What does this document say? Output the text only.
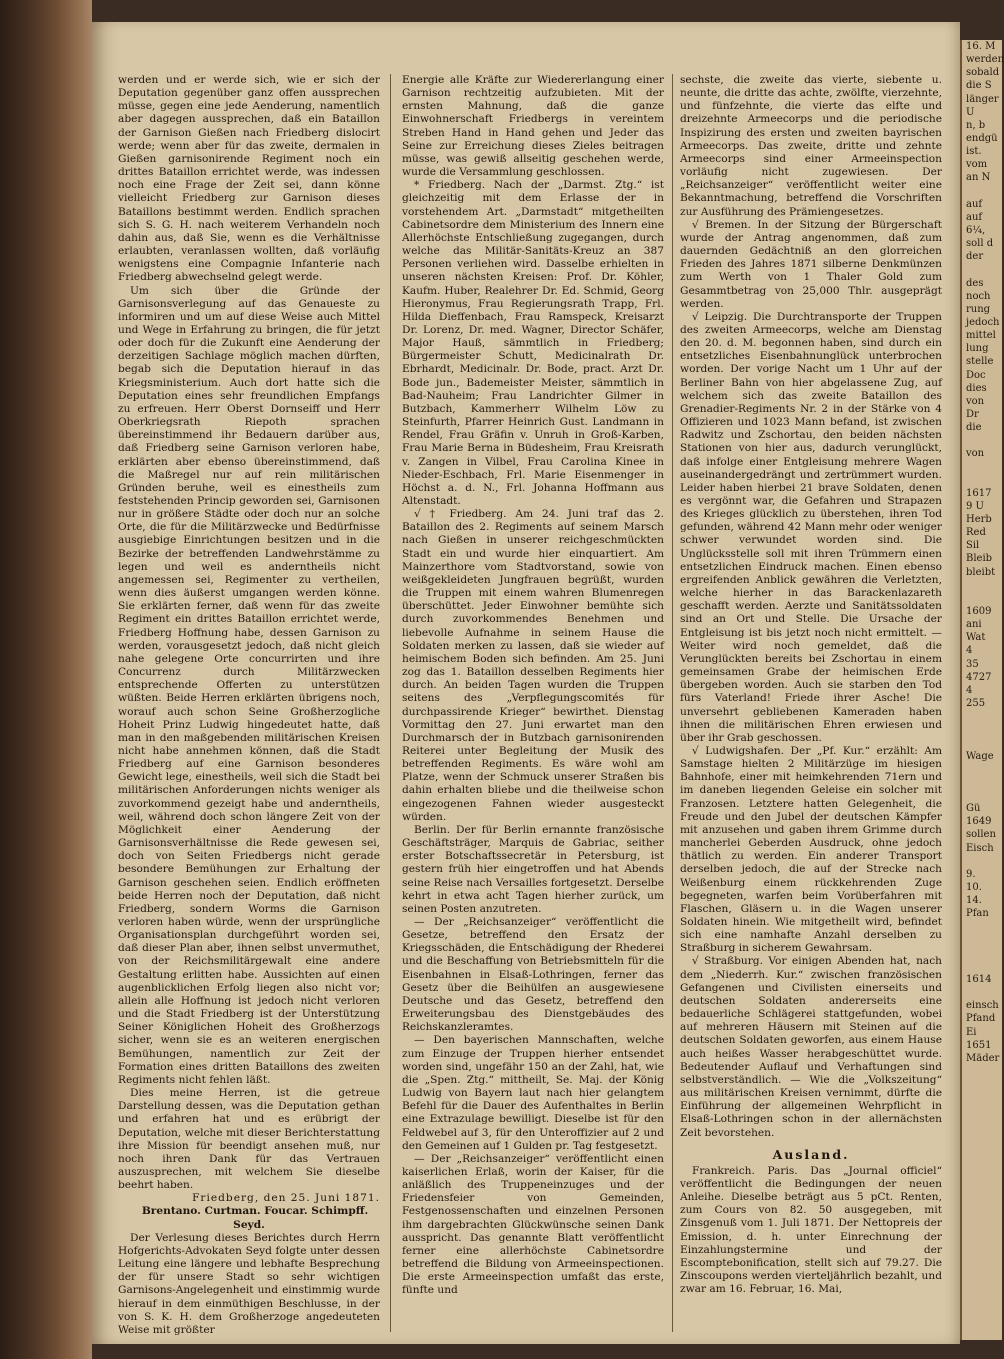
werden und er werde sich, wie er sich der Deputation gegenüber ganz offen aussprechen müsse, gegen eine jede Aenderung, namentlich aber dagegen aussprechen, daß ein Bataillon der Garnison Gießen nach Friedberg dislocirt werde; wenn aber für das zweite, dermalen in Gießen garnisonirende Regiment noch ein drittes Bataillon errichtet werde, was indessen noch eine Frage der Zeit sei, dann könne vielleicht Friedberg zur Garnison dieses Bataillons bestimmt werden. Endlich sprachen sich S. G. H. nach weiterem Verhandeln noch dahin aus, daß Sie, wenn es die Verhältnisse erlaubten, veranlassen wollten, daß vorläufig wenigstens eine Compagnie Infanterie nach Friedberg abwechselnd gelegt werde.

Um sich über die Gründe der Garnisonsverlegung auf das Genaueste zu informiren und um auf diese Weise auch Mittel und Wege in Erfahrung zu bringen, die für jetzt oder doch für die Zukunft eine Aenderung der derzeitigen Sachlage möglich machen dürften, begab sich die Deputation hierauf in das Kriegsministerium. Auch dort hatte sich die Deputation eines sehr freundlichen Empfangs zu erfreuen. Herr Oberst Dornseiff und Herr Oberkriegsrath Riepoth sprachen übereinstimmend ihr Bedauern darüber aus, daß Friedberg seine Garnison verloren habe, erklärten aber ebenso übereinstimmend, daß die Maßregel nur auf rein militärischen Gründen beruhe, weil es einestheils zum feststehenden Princip geworden sei, Garnisonen nur in größere Städte oder doch nur an solche Orte, die für die Militärzwecke und Bedürfnisse ausgiebige Einrichtungen besitzen und in die Bezirke der betreffenden Landwehrstämme zu legen und weil es anderntheils nicht angemessen sei, Regimenter zu vertheilen, wenn dies äußerst umgangen werden könne. Sie erklärten ferner, daß wenn für das zweite Regiment ein drittes Bataillon errichtet werde, Friedberg Hoffnung habe, dessen Garnison zu werden, vorausgesetzt jedoch, daß nicht gleich nahe gelegene Orte concurrirten und ihre Concurrenz durch Militärzwecken entsprechende Offerten zu unterstützen wüßten. Beide Herren erklärten übrigens noch, worauf auch schon Seine Großherzogliche Hoheit Prinz Ludwig hingedeutet hatte, daß man in den maßgebenden militärischen Kreisen nicht habe annehmen können, daß die Stadt Friedberg auf eine Garnison besonderes Gewicht lege, einestheils, weil sich die Stadt bei militärischen Anforderungen nichts weniger als zuvorkommend gezeigt habe und anderntheils, weil, während doch schon längere Zeit von der Möglichkeit einer Aenderung der Garnisonsverhältnisse die Rede gewesen sei, doch von Seiten Friedbergs nicht gerade besondere Bemühungen zur Erhaltung der Garnison geschehen seien. Endlich eröffneten beide Herren noch der Deputation, daß nicht Friedberg, sondern Worms die Garnison verloren haben würde, wenn der ursprüngliche Organisationsplan durchgeführt worden sei, daß dieser Plan aber, ihnen selbst unvermuthet, von der Reichsmilitärgewalt eine andere Gestaltung erlitten habe. Aussichten auf einen augenblicklichen Erfolg liegen also nicht vor; allein alle Hoffnung ist jedoch nicht verloren und die Stadt Friedberg ist der Unterstützung Seiner Königlichen Hoheit des Großherzogs sicher, wenn sie es an weiteren energischen Bemühungen, namentlich zur Zeit der Formation eines dritten Bataillons des zweiten Regiments nicht fehlen läßt.

Dies meine Herren, ist die getreue Darstellung dessen, was die Deputation gethan und erfahren hat und es erübrigt der Deputation, welche mit dieser Berichterstattung ihre Mission für beendigt ansehen muß, nur noch ihren Dank für das Vertrauen auszusprechen, mit welchem Sie dieselbe beehrt haben.

Friedberg, den 25. Juni 1871.

Brentano. Curtman. Foucar. Schimpff. Seyd.

Der Verlesung dieses Berichtes durch Herrn Hofgerichts-Advokaten Seyd folgte unter dessen Leitung eine längere und lebhafte Besprechung der für unsere Stadt so sehr wichtigen Garnisons-Angelegenheit und einstimmig wurde hierauf in dem einmüthigen Beschlusse, in der von S. K. H. dem Großherzoge angedeuteten Weise mit größter

Energie alle Kräfte zur Wiedererlangung einer Garnison rechtzeitig aufzubieten. Mit der ernsten Mahnung, daß die ganze Einwohnerschaft Friedbergs in vereintem Streben Hand in Hand gehen und Jeder das Seine zur Erreichung dieses Zieles beitragen müsse, was gewiß allseitig geschehen werde, wurde die Versammlung geschlossen.

* Friedberg. Nach der „Darmst. Ztg.“ ist gleichzeitig mit dem Erlasse der in vorstehendem Art. „Darmstadt“ mitgetheilten Cabinetsordre dem Ministerium des Innern eine Allerhöchste Entschließung zugegangen, durch welche das Militär-Sanitäts-Kreuz an 387 Personen verliehen wird. Dasselbe erhielten in unseren nächsten Kreisen: Prof. Dr. Köhler, Kaufm. Huber, Realehrer Dr. Ed. Schmid, Georg Hieronymus, Frau Regierungsrath Trapp, Frl. Hilda Dieffenbach, Frau Ramspeck, Kreisarzt Dr. Lorenz, Dr. med. Wagner, Director Schäfer, Major Hauß, sämmtlich in Friedberg; Bürgermeister Schutt, Medicinalrath Dr. Ebrhardt, Medicinalr. Dr. Bode, pract. Arzt Dr. Bode jun., Bademeister Meister, sämmtlich in Bad-Nauheim; Frau Landrichter Gilmer in Butzbach, Kammerherr Wilhelm Löw zu Steinfurth, Pfarrer Heinrich Gust. Landmann in Rendel, Frau Gräfin v. Unruh in Groß-Karben, Frau Marie Berna in Büdesheim, Frau Kreisrath v. Zangen in Vilbel, Frau Carolina Kinee in Nieder-Eschbach, Frl. Marie Eisenmenger in Höchst a. d. N., Frl. Johanna Hoffmann aus Altenstadt.

√ † Friedberg. Am 24. Juni traf das 2. Bataillon des 2. Regiments auf seinem Marsch nach Gießen in unserer reichgeschmückten Stadt ein und wurde hier einquartiert. Am Mainzerthore vom Stadtvorstand, sowie von weißgekleideten Jungfrauen begrüßt, wurden die Truppen mit einem wahren Blumenregen überschüttet. Jeder Einwohner bemühte sich durch zuvorkommendes Benehmen und liebevolle Aufnahme in seinem Hause die Soldaten merken zu lassen, daß sie wieder auf heimischem Boden sich befinden. Am 25. Juni zog das 1. Bataillon desselben Regiments hier durch. An beiden Tagen wurden die Truppen seitens des „Verpflegungscomités für durchpassirende Krieger“ bewirthet. Dienstag Vormittag den 27. Juni erwartet man den Durchmarsch der in Butzbach garnisonirenden Reiterei unter Begleitung der Musik des betreffenden Regiments. Es wäre wohl am Platze, wenn der Schmuck unserer Straßen bis dahin erhalten bliebe und die theilweise schon eingezogenen Fahnen wieder ausgesteckt würden.

Berlin. Der für Berlin ernannte französische Geschäftsträger, Marquis de Gabriac, seither erster Botschaftssecretär in Petersburg, ist gestern früh hier eingetroffen und hat Abends seine Reise nach Versailles fortgesetzt. Derselbe kehrt in etwa acht Tagen hierher zurück, um seinen Posten anzutreten.

— Der „Reichsanzeiger“ veröffentlicht die Gesetze, betreffend den Ersatz der Kriegsschäden, die Entschädigung der Rhederei und die Beschaffung von Betriebsmitteln für die Eisenbahnen in Elsaß-Lothringen, ferner das Gesetz über die Beihülfen an ausgewiesene Deutsche und das Gesetz, betreffend den Erweiterungsbau des Dienstgebäudes des Reichskanzleramtes.

— Den bayerischen Mannschaften, welche zum Einzuge der Truppen hierher entsendet worden sind, ungefähr 150 an der Zahl, hat, wie die „Spen. Ztg.“ mittheilt, Se. Maj. der König Ludwig von Bayern laut nach hier gelangtem Befehl für die Dauer des Aufenthaltes in Berlin eine Extrazulage bewilligt. Dieselbe ist für den Feldwebel auf 3, für den Unteroffizier auf 2 und den Gemeinen auf 1 Gulden pr. Tag festgesetzt.

— Der „Reichsanzeiger“ veröffentlicht einen kaiserlichen Erlaß, worin der Kaiser, für die anläßlich des Truppeneinzuges und der Friedensfeier von Gemeinden, Festgenossenschaften und einzelnen Personen ihm dargebrachten Glückwünsche seinen Dank ausspricht. Das genannte Blatt veröffentlicht ferner eine allerhöchste Cabinetsordre betreffend die Bildung von Armeeinspectionen. Die erste Armeeinspection umfaßt das erste, fünfte und

sechste, die zweite das vierte, siebente u. neunte, die dritte das achte, zwölfte, vierzehnte, und fünfzehnte, die vierte das elfte und dreizehnte Armeecorps und die periodische Inspizirung des ersten und zweiten bayrischen Armeecorps. Das zweite, dritte und zehnte Armeecorps sind einer Armeeinspection vorläufig nicht zugewiesen. Der „Reichsanzeiger“ veröffentlicht weiter eine Bekanntmachung, betreffend die Vorschriften zur Ausführung des Prämiengesetzes.

√ Bremen. In der Sitzung der Bürgerschaft wurde der Antrag angenommen, daß zum dauernden Gedächtniß an den glorreichen Frieden des Jahres 1871 silberne Denkmünzen zum Werth von 1 Thaler Gold zum Gesammtbetrag von 25,000 Thlr. ausgeprägt werden.

√ Leipzig. Die Durchtransporte der Truppen des zweiten Armeecorps, welche am Dienstag den 20. d. M. begonnen haben, sind durch ein entsetzliches Eisenbahnunglück unterbrochen worden. Der vorige Nacht um 1 Uhr auf der Berliner Bahn von hier abgelassene Zug, auf welchem sich das zweite Bataillon des Grenadier-Regiments Nr. 2 in der Stärke von 4 Offizieren und 1023 Mann befand, ist zwischen Radwitz und Zschortau, den beiden nächsten Stationen von hier aus, dadurch verunglückt, daß infolge einer Entgleisung mehrere Wagen auseinandergedrängt und zertrümmert wurden. Leider haben hierbei 21 brave Soldaten, denen es vergönnt war, die Gefahren und Strapazen des Krieges glücklich zu überstehen, ihren Tod gefunden, während 42 Mann mehr oder weniger schwer verwundet worden sind. Die Unglücksstelle soll mit ihren Trümmern einen entsetzlichen Eindruck machen. Einen ebenso ergreifenden Anblick gewähren die Verletzten, welche hierher in das Barackenlazareth geschafft werden. Aerzte und Sanitätssoldaten sind an Ort und Stelle. Die Ursache der Entgleisung ist bis jetzt noch nicht ermittelt. — Weiter wird noch gemeldet, daß die Verunglückten bereits bei Zschortau in einem gemeinsamen Grabe der heimischen Erde übergeben worden. Auch sie starben den Tod fürs Vaterland! Friede ihrer Asche! Die unversehrt gebliebenen Kameraden haben ihnen die militärischen Ehren erwiesen und über ihr Grab geschossen.

√ Ludwigshafen. Der „Pf. Kur.“ erzählt: Am Samstage hielten 2 Militärzüge im hiesigen Bahnhofe, einer mit heimkehrenden 71ern und im daneben liegenden Geleise ein solcher mit Franzosen. Letztere hatten Gelegenheit, die Freude und den Jubel der deutschen Kämpfer mit anzusehen und gaben ihrem Grimme durch mancherlei Geberden Ausdruck, ohne jedoch thätlich zu werden. Ein anderer Transport derselben jedoch, die auf der Strecke nach Weißenburg einem rückkehrenden Zuge begegneten, warfen beim Vorüberfahren mit Flaschen, Gläsern u. in die Wagen unserer Soldaten hinein. Wie mitgetheilt wird, befindet sich eine namhafte Anzahl derselben zu Straßburg in sicherem Gewahrsam.

√ Straßburg. Vor einigen Abenden hat, nach dem „Niederrh. Kur.“ zwischen französischen Gefangenen und Civilisten einerseits und deutschen Soldaten andererseits eine bedauerliche Schlägerei stattgefunden, wobei auf mehreren Häusern mit Steinen auf die deutschen Soldaten geworfen, aus einem Hause auch heißes Wasser herabgeschüttet wurde. Bedeutender Auflauf und Verhaftungen sind selbstverständlich. — Wie die „Volkszeitung“ aus militärischen Kreisen vernimmt, dürfte die Einführung der allgemeinen Wehrpflicht in Elsaß-Lothringen schon in der allernächsten Zeit bevorstehen.

Ausland.

Frankreich. Paris. Das „Journal officiel“ veröffentlicht die Bedingungen der neuen Anleihe. Dieselbe beträgt aus 5 pCt. Renten, zum Cours von 82. 50 ausgegeben, mit Zinsgenuß vom 1. Juli 1871. Der Nettopreis der Emission, d. h. unter Einrechnung der Einzahlungstermine und der Escomptebonification, stellt sich auf 79.27. Die Zinscoupons werden vierteljährlich bezahlt, und zwar am 16. Februar, 16. Mai,

16. M
werden
sobald
die S
länger
U
n, b
endgü
ist.
vom
an N

auf
auf
6¼,
soll d
der

des
noch
rung
jedoch
mittel
lung
stelle
Doc
dies
von
Dr
die

von

1617
9 U
Herb
Red
Sil
Bleib
bleibt

1609
ani
Wat
4
35
4727
4
255

Wage

Gü
1649
sollen
Eisch

9.
10.
14.
Pfan

1614

einsch
Pfand
Ei
1651
Mäder
